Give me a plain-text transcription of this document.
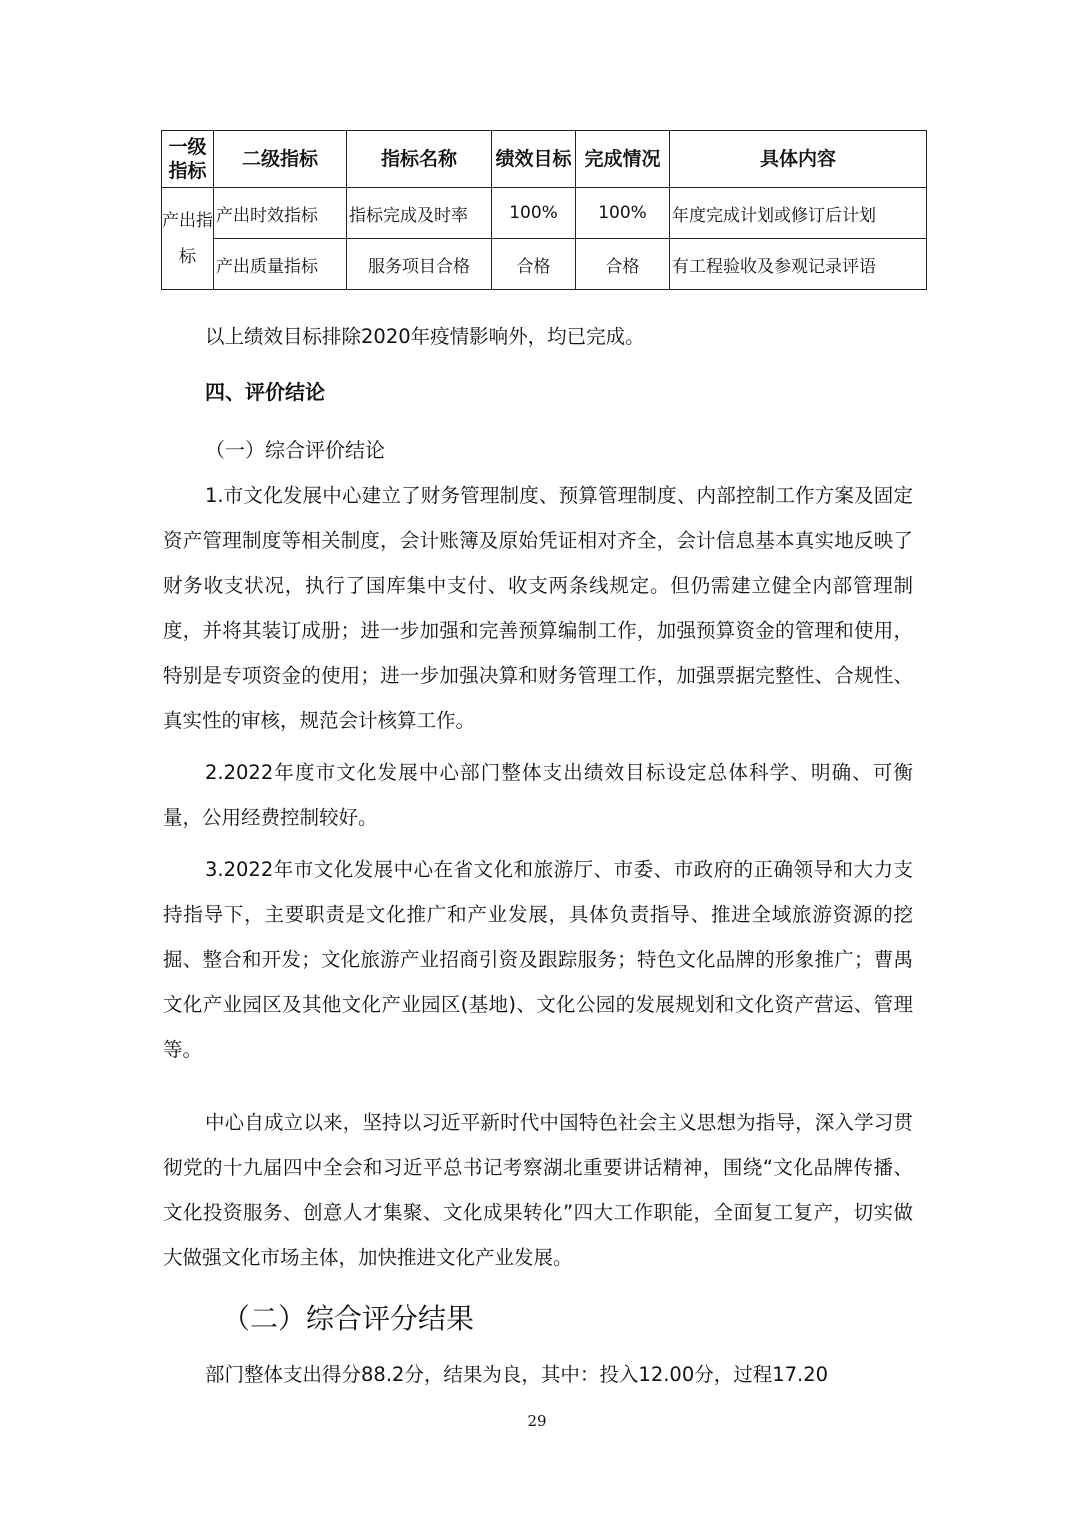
一级指标	二级指标	指标名称	绩效目标	完成情况	具体内容
产出指标	产出时效指标	指标完成及时率	100%	100%	年度完成计划或修订后计划
	产出质量指标	服务项目合格	合格	合格	有工程验收及参观记录评语

以上绩效目标排除2020年疫情影响外，均已完成。

四、评价结论

（一）综合评价结论

1.市文化发展中心建立了财务管理制度、预算管理制度、内部控制工作方案及固定资产管理制度等相关制度，会计账簿及原始凭证相对齐全，会计信息基本真实地反映了财务收支状况，执行了国库集中支付、收支两条线规定。但仍需建立健全内部管理制度，并将其装订成册；进一步加强和完善预算编制工作，加强预算资金的管理和使用，特别是专项资金的使用；进一步加强决算和财务管理工作，加强票据完整性、合规性、真实性的审核，规范会计核算工作。

2.2022年度市文化发展中心部门整体支出绩效目标设定总体科学、明确、可衡量，公用经费控制较好。

3.2022年市文化发展中心在省文化和旅游厅、市委、市政府的正确领导和大力支持指导下，主要职责是文化推广和产业发展，具体负责指导、推进全域旅游资源的挖掘、整合和开发；文化旅游产业招商引资及跟踪服务；特色文化品牌的形象推广；曹禺文化产业园区及其他文化产业园区(基地)、文化公园的发展规划和文化资产营运、管理等。

中心自成立以来，坚持以习近平新时代中国特色社会主义思想为指导，深入学习贯彻党的十九届四中全会和习近平总书记考察湖北重要讲话精神，围绕“文化品牌传播、文化投资服务、创意人才集聚、文化成果转化”四大工作职能，全面复工复产，切实做大做强文化市场主体，加快推进文化产业发展。

（二）综合评分结果

部门整体支出得分88.2分，结果为良，其中：投入12.00分，过程17.20

29
